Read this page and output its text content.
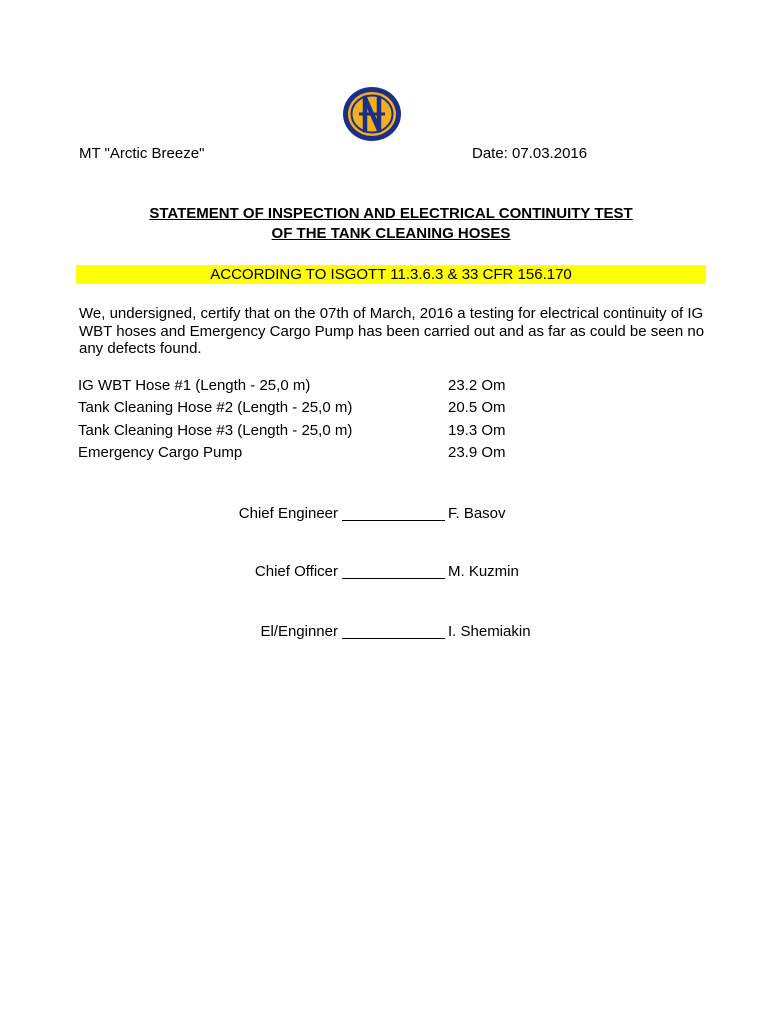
MT "Arctic Breeze"	Date: 07.03.2016
STATEMENT OF INSPECTION AND ELECTRICAL CONTINUITY TEST
OF THE TANK CLEANING HOSES
ACCORDING TO ISGOTT 11.3.6.3 & 33 CFR 156.170
We, undersigned, certify that on the 07th of March, 2016 a testing for electrical continuity of IG WBT hoses and Emergency Cargo Pump has been carried out and as far as could be seen no any defects found.
IG WBT Hose #1 (Length - 25,0 m)	23.2 Om
Tank Cleaning Hose #2 (Length - 25,0 m)	20.5 Om
Tank Cleaning Hose #3 (Length - 25,0 m)	19.3 Om
Emergency Cargo Pump	23.9 Om
Chief Engineer	F. Basov
Chief Officer	M. Kuzmin
El/Enginner	I. Shemiakin
